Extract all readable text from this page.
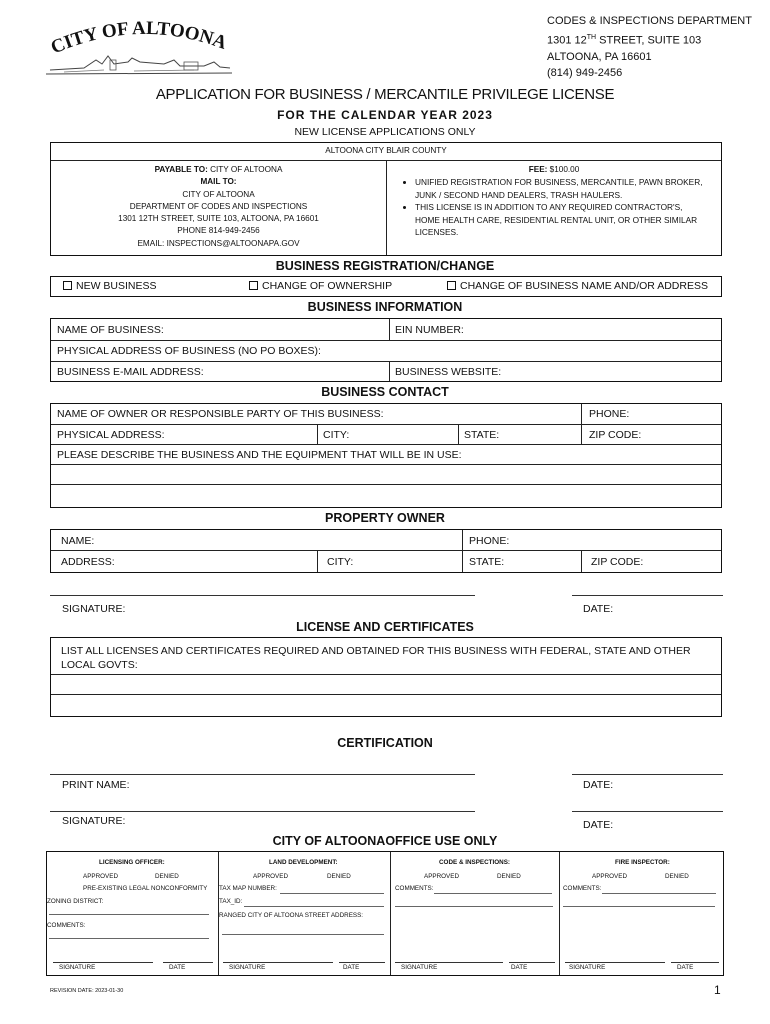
CITY OF ALTOONA
CODES & INSPECTIONS DEPARTMENT
1301 12TH STREET, SUITE 103
ALTOONA, PA 16601
(814) 949-2456
APPLICATION FOR BUSINESS / MERCANTILE PRIVILEGE LICENSE
FOR THE CALENDAR YEAR 2023
NEW LICENSE APPLICATIONS ONLY
ALTOONA CITY BLAIR COUNTY
PAYABLE TO: CITY OF ALTOONA
MAIL TO:
CITY OF ALTOONA
DEPARTMENT OF CODES AND INSPECTIONS
1301 12TH STREET, SUITE 103, ALTOONA, PA 16601
PHONE 814-949-2456
EMAIL: INSPECTIONS@ALTOONAPA.GOV
FEE: $100.00
• UNIFIED REGISTRATION FOR BUSINESS, MERCANTILE, PAWN BROKER, JUNK / SECOND HAND DEALERS, TRASH HAULERS.
• THIS LICENSE IS IN ADDITION TO ANY REQUIRED CONTRACTOR'S, HOME HEALTH CARE, RESIDENTIAL RENTAL UNIT, OR OTHER SIMILAR LICENSES.
BUSINESS REGISTRATION/CHANGE
NEW BUSINESS	CHANGE OF OWNERSHIP	CHANGE OF BUSINESS NAME AND/OR ADDRESS
BUSINESS INFORMATION
NAME OF BUSINESS:	EIN NUMBER:
PHYSICAL ADDRESS OF BUSINESS (NO PO BOXES):
BUSINESS E-MAIL ADDRESS:	BUSINESS WEBSITE:
BUSINESS CONTACT
NAME OF OWNER OR RESPONSIBLE PARTY OF THIS BUSINESS:	PHONE:
PHYSICAL ADDRESS:	CITY:	STATE:	ZIP CODE:
PLEASE DESCRIBE THE BUSINESS AND THE EQUIPMENT THAT WILL BE IN USE:
PROPERTY OWNER
NAME:	PHONE:
ADDRESS:	CITY:	STATE:	ZIP CODE:
SIGNATURE:	DATE:
LICENSE AND CERTIFICATES
LIST ALL LICENSES AND CERTIFICATES REQUIRED AND OBTAINED FOR THIS BUSINESS WITH FEDERAL, STATE AND OTHER LOCAL GOVTS:
CERTIFICATION
PRINT NAME:	DATE:
SIGNATURE:	DATE:
CITY OF ALTOONAOFFICE USE ONLY
LICENSING OFFICER:
APPROVED	DENIED
PRE-EXISTING LEGAL NONCONFORMITY
ZONING DISTRICT:
COMMENTS:
SIGNATURE	DATE
LAND DEVELOPMENT:
APPROVED	DENIED
TAX MAP NUMBER:
TAX_ID:
RANGED CITY OF ALTOONA STREET ADDRESS:
SIGNATURE	DATE
CODE & INSPECTIONS:
APPROVED	DENIED
COMMENTS:
SIGNATURE	DATE
FIRE INSPECTOR:
APPROVED	DENIED
COMMENTS:
SIGNATURE	DATE
REVISION DATE: 2023-01-30	1
